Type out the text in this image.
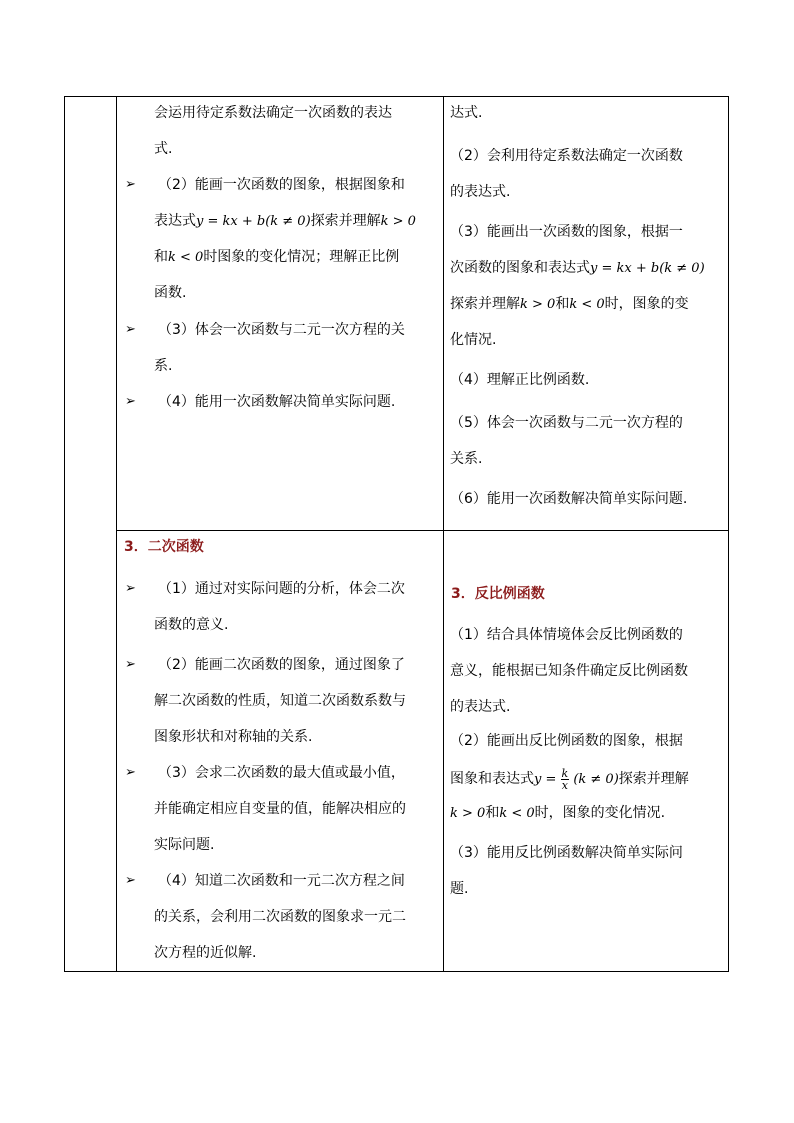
会运用待定系数法确定一次函数的表达
式.
➢ （2）能画一次函数的图象，根据图象和
表达式y = kx + b(k ≠ 0)探索并理解k > 0
和k < 0时图象的变化情况；理解正比例
函数.
➢ （3）体会一次函数与二元一次方程的关
系.
➢ （4）能用一次函数解决简单实际问题.
达式.
（2）会利用待定系数法确定一次函数
的表达式.
（3）能画出一次函数的图象，根据一
次函数的图象和表达式y = kx + b(k ≠ 0)
探索并理解k > 0和k < 0时，图象的变
化情况.
（4）理解正比例函数.
（5）体会一次函数与二元一次方程的
关系.
（6）能用一次函数解决简单实际问题.
3．二次函数
➢ （1）通过对实际问题的分析，体会二次
函数的意义.
➢ （2）能画二次函数的图象，通过图象了
解二次函数的性质，知道二次函数系数与
图象形状和对称轴的关系.
➢ （3）会求二次函数的最大值或最小值，
并能确定相应自变量的值，能解决相应的
实际问题.
➢ （4）知道二次函数和一元二次方程之间
的关系，会利用二次函数的图象求一元二
次方程的近似解.
3．反比例函数
（1）结合具体情境体会反比例函数的
意义，能根据已知条件确定反比例函数
的表达式.
（2）能画出反比例函数的图象，根据
图象和表达式$y = \frac{k}{x} (k \ne 0)$探索并理解
k > 0和k < 0时，图象的变化情况.
（3）能用反比例函数解决简单实际问
题.
